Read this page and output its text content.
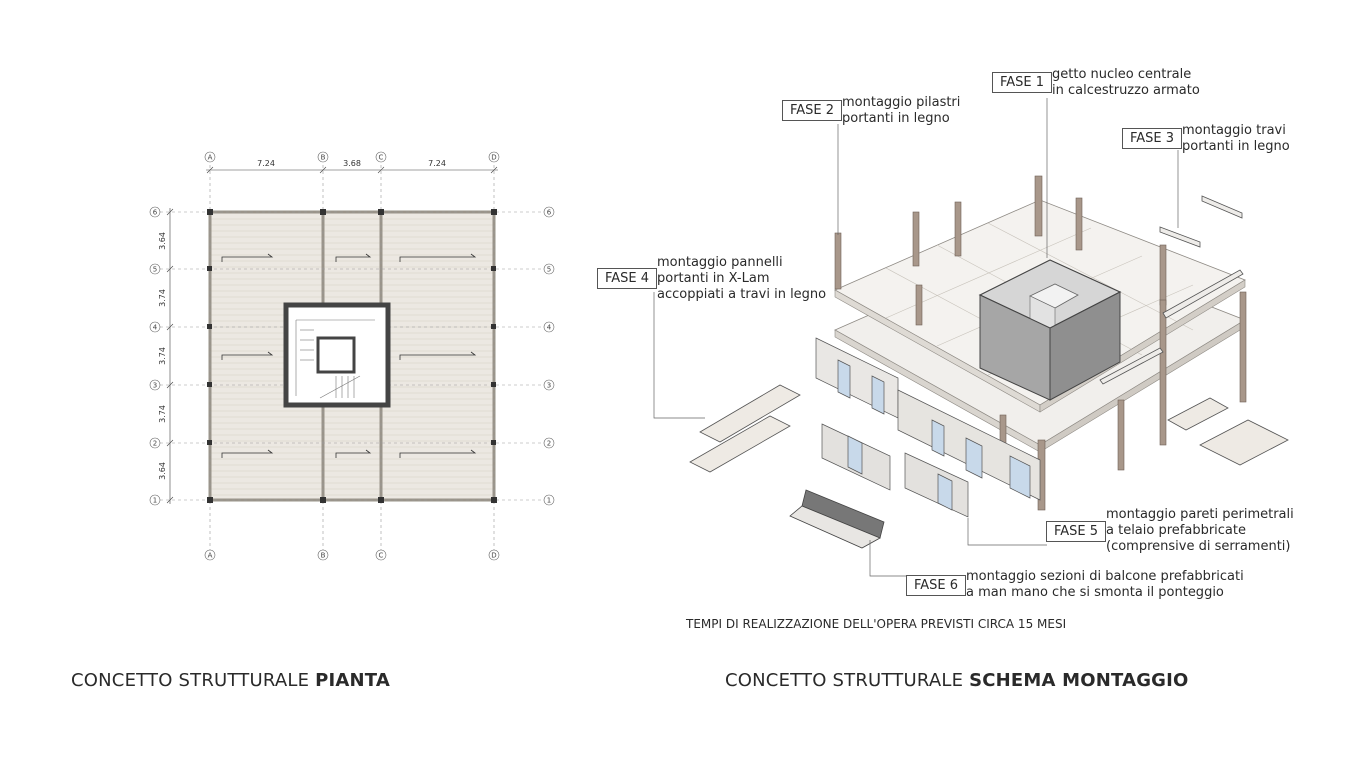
7.24	3.68	7.24
3.64
3.74
3.74
3.74
3.64
A	B	C	D
A	B	C	D
6
5
4
3
2
1
6
5
4
3
2
1
FASE 1
getto nucleo centrale
in calcestruzzo armato
FASE 2
montaggio pilastri
portanti in legno
FASE 3
montaggio travi
portanti in legno
FASE 4
montaggio pannelli
portanti in X-Lam
accoppiati a travi in legno
FASE 5
montaggio pareti perimetrali
a telaio prefabbricate
(comprensive di serramenti)
FASE 6
montaggio sezioni di balcone prefabbricati
a man mano che si smonta il ponteggio
TEMPI DI REALIZZAZIONE DELL'OPERA PREVISTI CIRCA 15 MESI
CONCETTO STRUTTURALE PIANTA	CONCETTO STRUTTURALE SCHEMA MONTAGGIO
